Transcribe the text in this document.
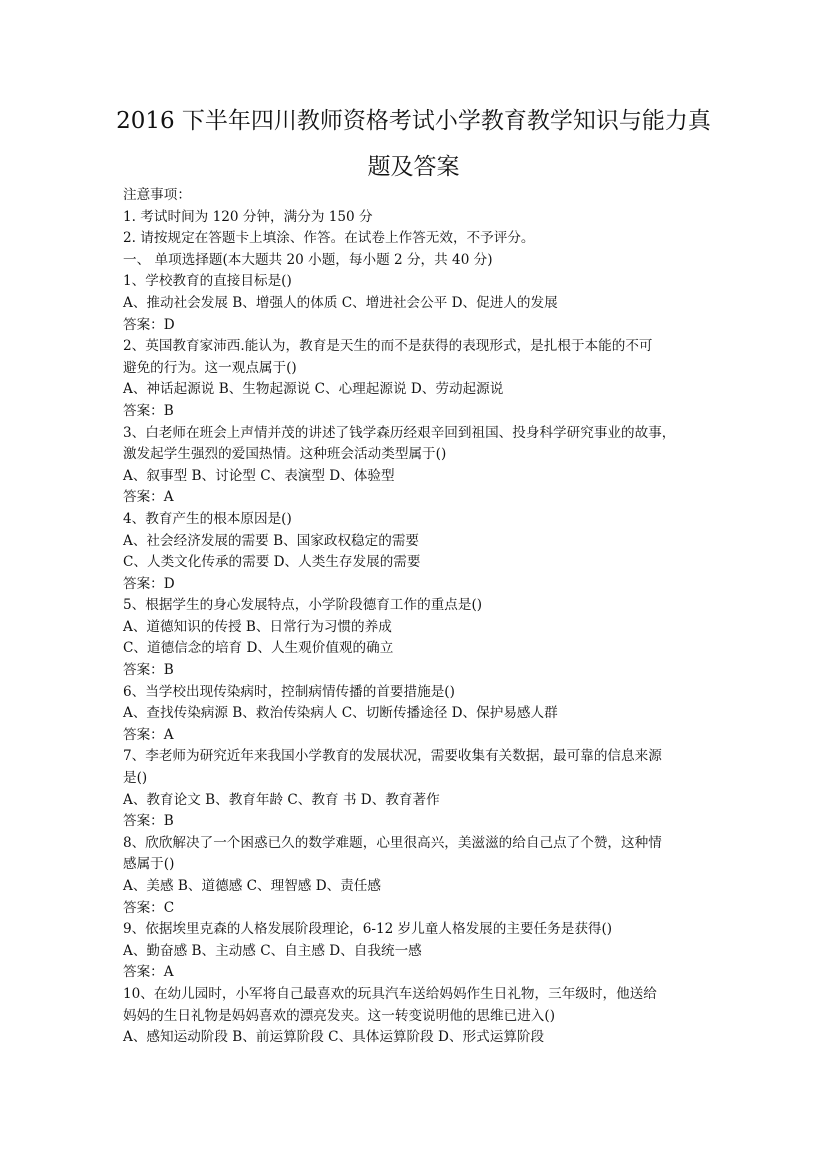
2016 下半年四川教师资格考试小学教育教学知识与能力真
题及答案
注意事项：
1. 考试时间为 120 分钟，满分为 150 分
2. 请按规定在答题卡上填涂、作答。在试卷上作答无效，不予评分。
一、 单项选择题(本大题共 20 小题，每小题 2 分，共 40 分)
1、学校教育的直接目标是()
A、推动社会发展 B、增强人的体质 C、增进社会公平 D、促进人的发展
答案：D
2、英国教育家沛西.能认为，教育是天生的而不是获得的表现形式，是扎根于本能的不可
避免的行为。这一观点属于()
A、神话起源说 B、生物起源说 C、心理起源说 D、劳动起源说
答案：B
3、白老师在班会上声情并茂的讲述了钱学森历经艰辛回到祖国、投身科学研究事业的故事，
激发起学生强烈的爱国热情。这种班会活动类型属于()
A、叙事型 B、讨论型 C、表演型 D、体验型
答案：A
4、教育产生的根本原因是()
A、社会经济发展的需要 B、国家政权稳定的需要
C、人类文化传承的需要 D、人类生存发展的需要
答案：D
5、根据学生的身心发展特点，小学阶段德育工作的重点是()
A、道德知识的传授 B、日常行为习惯的养成
C、道德信念的培育 D、人生观价值观的确立
答案：B
6、当学校出现传染病时，控制病情传播的首要措施是()
A、查找传染病源 B、救治传染病人 C、切断传播途径 D、保护易感人群
答案：A
7、李老师为研究近年来我国小学教育的发展状况，需要收集有关数据，最可靠的信息来源
是()
A、教育论文 B、教育年龄 C、教育 书 D、教育著作
答案：B
8、欣欣解决了一个困惑已久的数学难题，心里很高兴，美滋滋的给自己点了个赞，这种情
感属于()
A、美感 B、道德感 C、理智感 D、责任感
答案：C
9、依据埃里克森的人格发展阶段理论，6-12 岁儿童人格发展的主要任务是获得()
A、勤奋感 B、主动感 C、自主感 D、自我统一感
答案：A
10、在幼儿园时，小军将自己最喜欢的玩具汽车送给妈妈作生日礼物，三年级时，他送给
妈妈的生日礼物是妈妈喜欢的漂亮发夹。这一转变说明他的思维已进入()
A、感知运动阶段 B、前运算阶段 C、具体运算阶段 D、形式运算阶段
